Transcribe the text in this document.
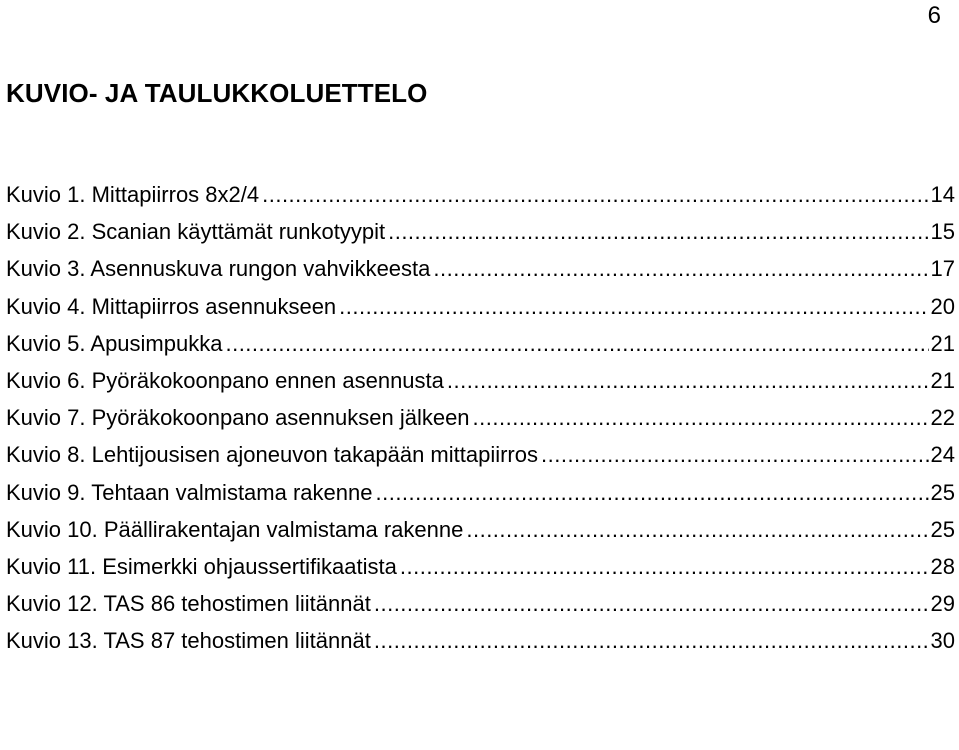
6
KUVIO- JA TAULUKKOLUETTELO
Kuvio 1. Mittapiirros 8x2/4 .....	14
Kuvio 2. Scanian käyttämät runkotyypit .....	15
Kuvio 3. Asennuskuva rungon vahvikkeesta .....	17
Kuvio 4. Mittapiirros asennukseen .....	20
Kuvio 5. Apusimpukka .....	21
Kuvio 6. Pyöräkokoonpano ennen asennusta .....	21
Kuvio 7. Pyöräkokoonpano asennuksen jälkeen .....	22
Kuvio 8. Lehtijousisen ajoneuvon takapään mittapiirros .....	24
Kuvio 9. Tehtaan valmistama rakenne .....	25
Kuvio 10. Päällirakentajan valmistama rakenne .....	25
Kuvio 11. Esimerkki ohjaussertifikaatista .....	28
Kuvio 12. TAS 86 tehostimen liitännät .....	29
Kuvio 13. TAS 87 tehostimen liitännät .....	30
